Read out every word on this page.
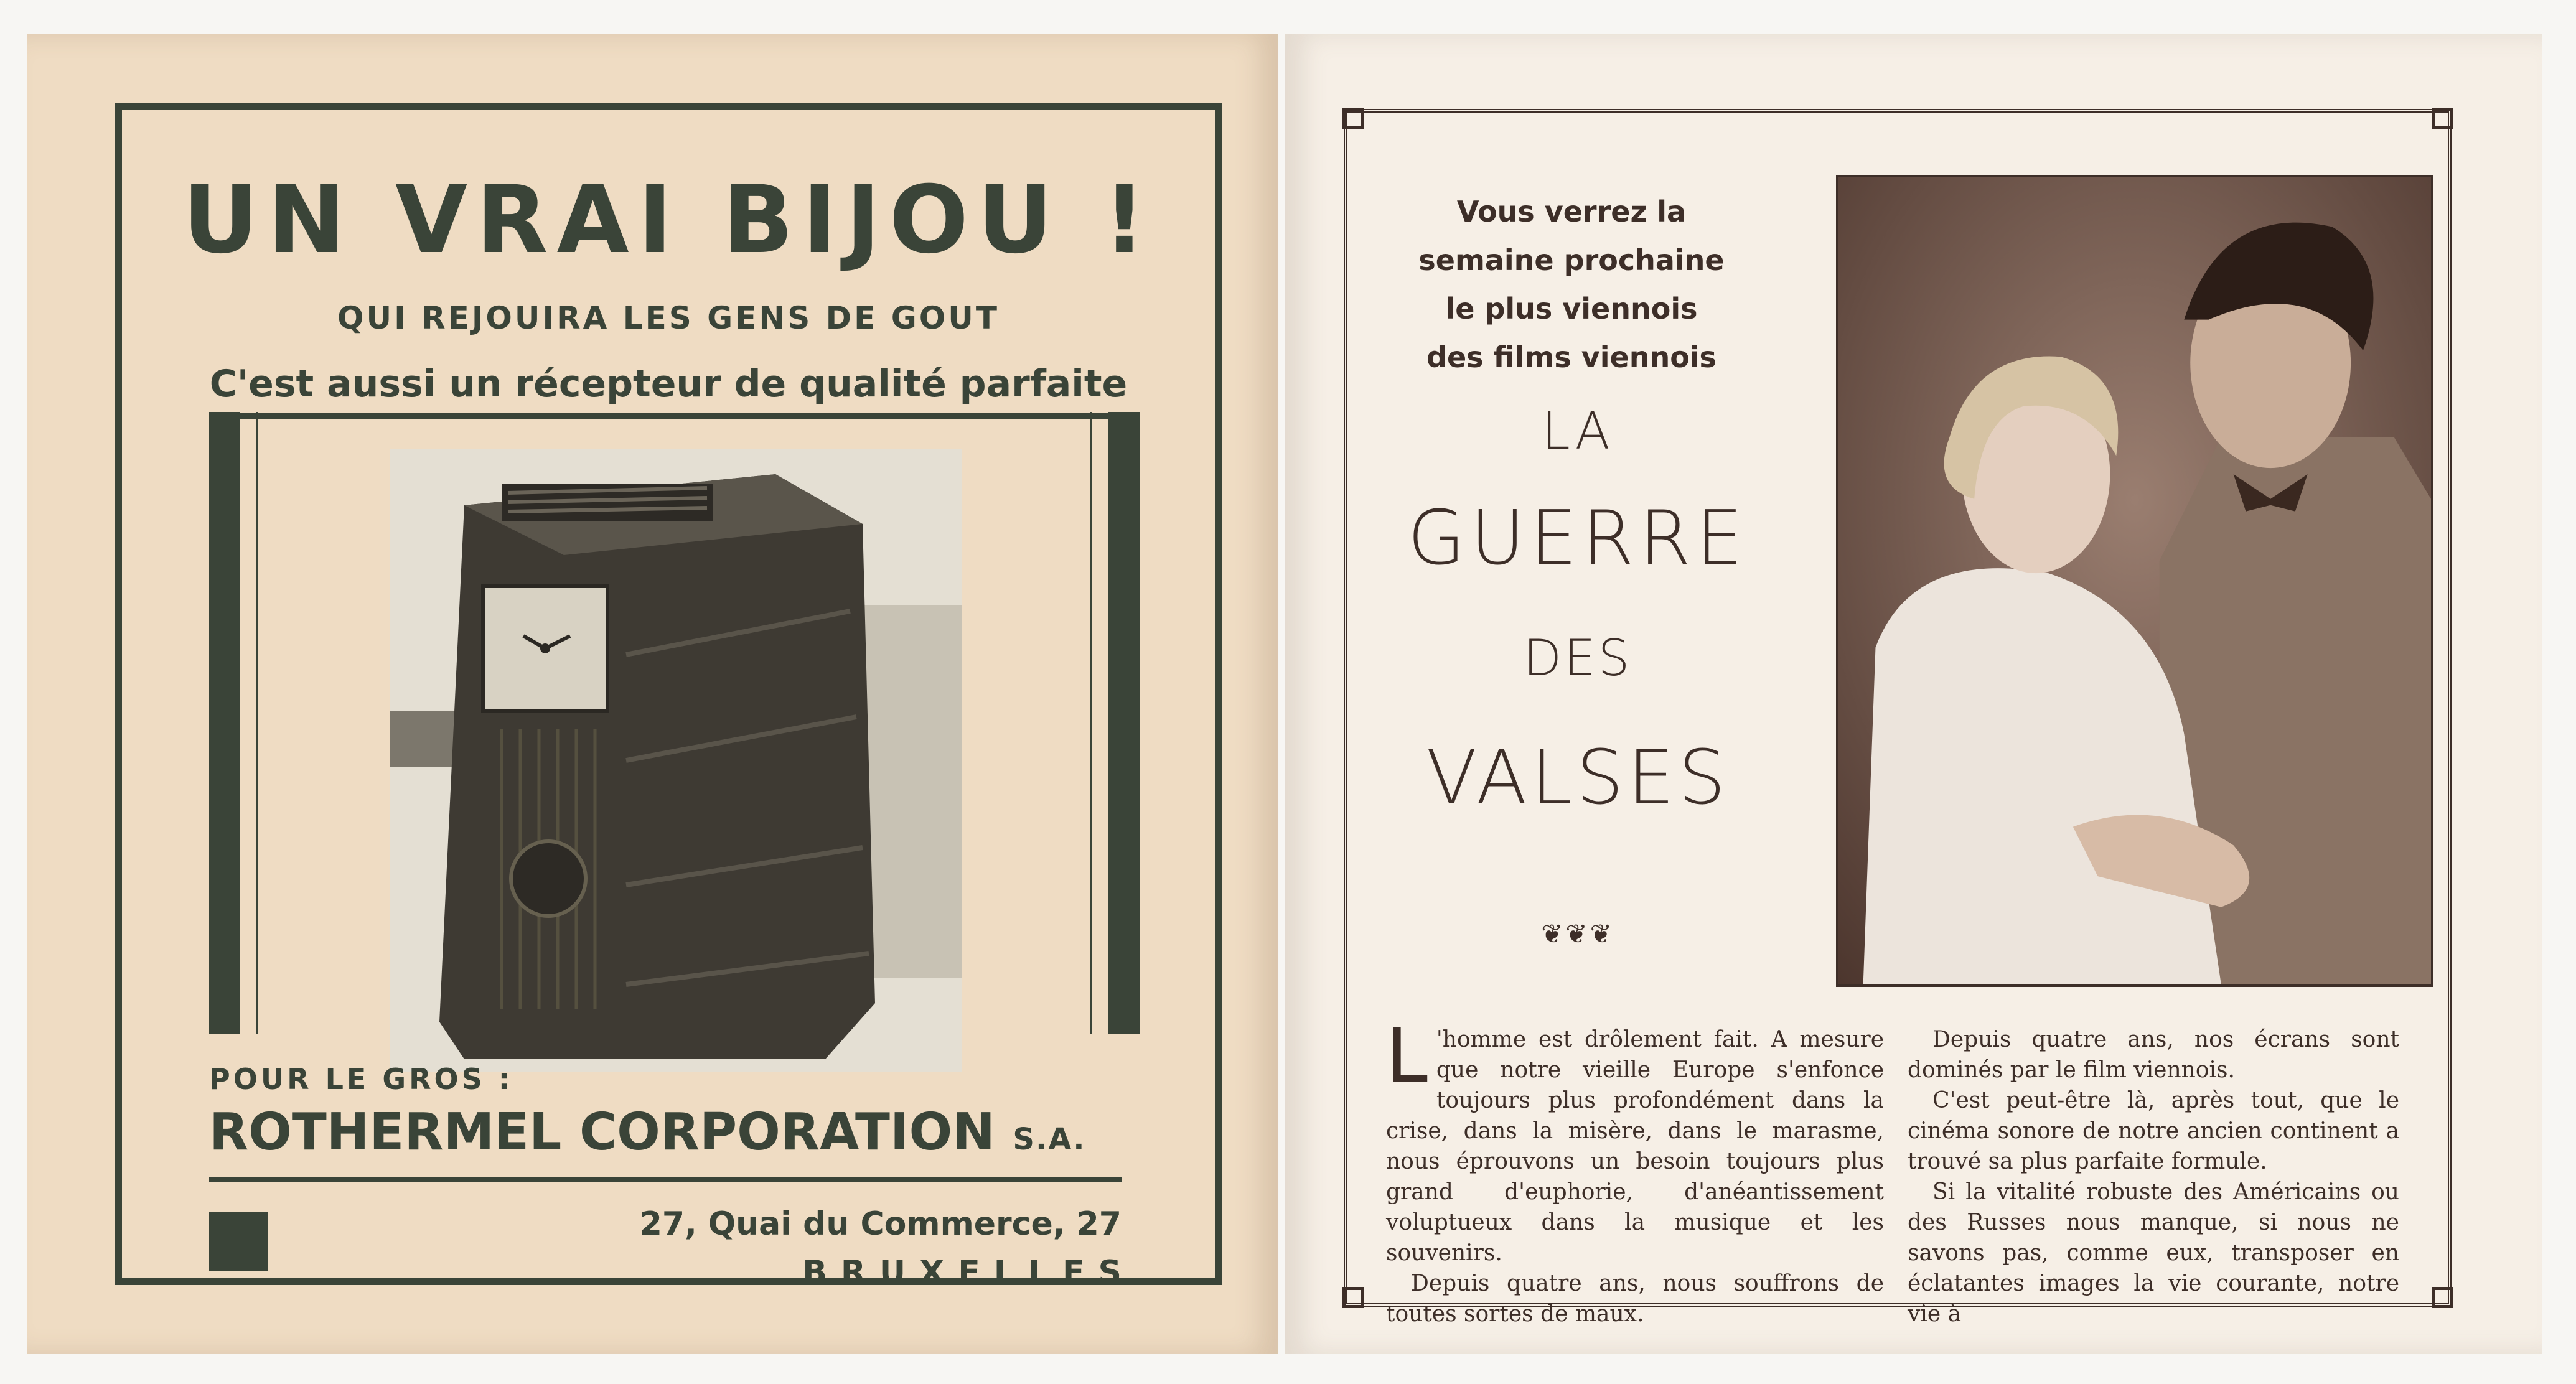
UN VRAI BIJOU !
QUI REJOUIRA LES GENS DE GOUT
C'est aussi un récepteur de qualité parfaite
POUR LE GROS :
ROTHERMEL CORPORATION S.A.
27, Quai du Commerce, 27
BRUXELLES
Vous verrez la
semaine prochaine
le plus viennois
des films viennois
LA
GUERRE
DES
VALSES
❦❦❦

L 'homme est drôlement fait. A mesure que notre vieille Europe s'enfonce toujours plus profondément dans la crise, dans la misère, dans le marasme, nous éprouvons un besoin toujours plus grand d'euphorie, d'anéantissement voluptueux dans la musique et les souvenirs.

Depuis quatre ans, nous souffrons de toutes sortes de maux.

Depuis quatre ans, nos écrans sont dominés par le film viennois.

C'est peut-être là, après tout, que le cinéma sonore de notre ancien continent a trouvé sa plus parfaite formule.

Si la vitalité robuste des Américains ou des Russes nous manque, si nous ne savons pas, comme eux, transposer en éclatantes images la vie courante, notre vie à
